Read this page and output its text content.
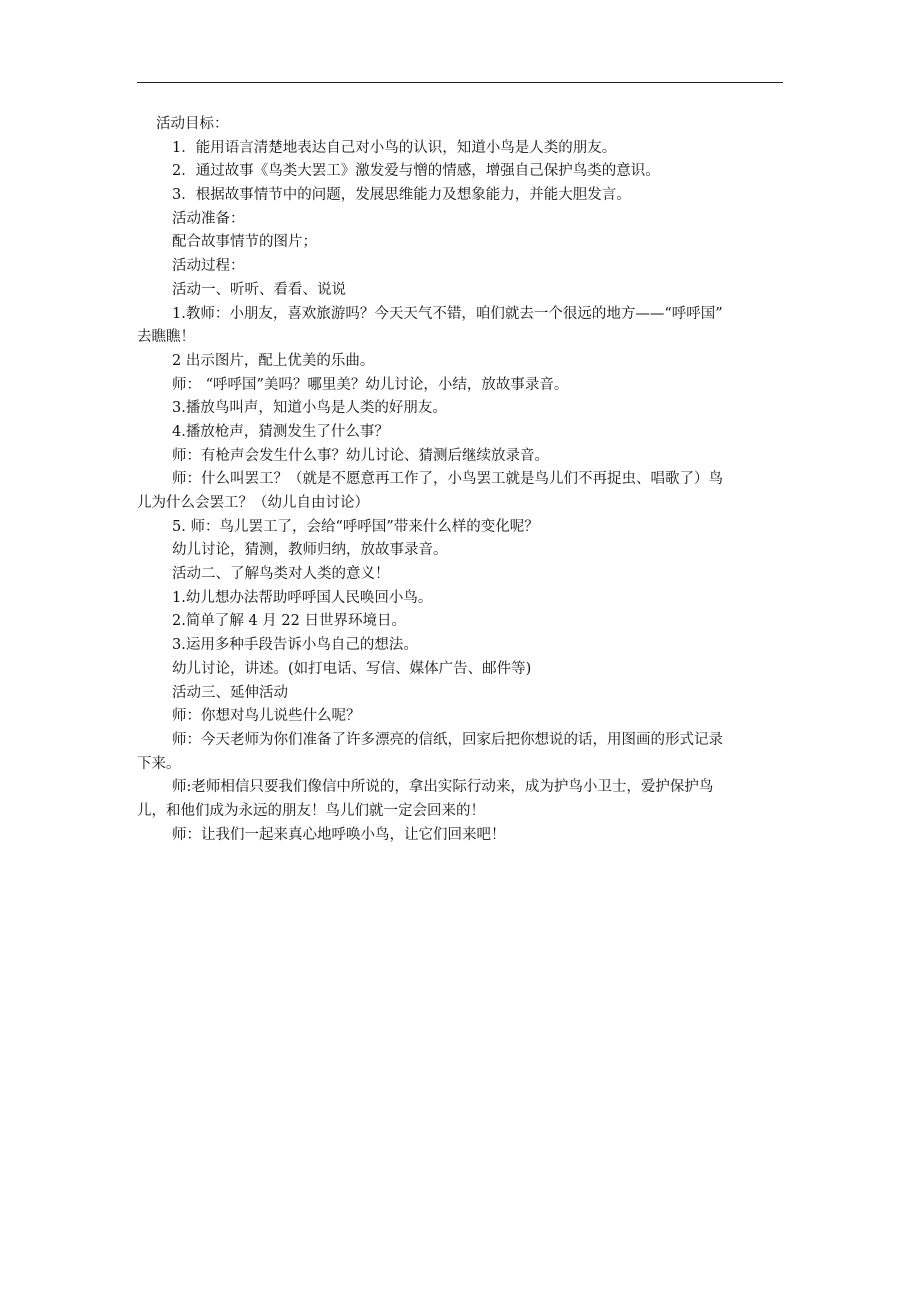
活动目标：
1．能用语言清楚地表达自己对小鸟的认识，知道小鸟是人类的朋友。
2．通过故事《鸟类大罢工》激发爱与憎的情感，增强自己保护鸟类的意识。
3．根据故事情节中的问题，发展思维能力及想象能力，并能大胆发言。
活动准备：
配合故事情节的图片；
活动过程：
活动一、听听、看看、说说
1.教师：小朋友，喜欢旅游吗？今天天气不错，咱们就去一个很远的地方——“呼呼国”
去瞧瞧！
2 出示图片，配上优美的乐曲。
师： “呼呼国”美吗？哪里美？幼儿讨论，小结，放故事录音。
3.播放鸟叫声，知道小鸟是人类的好朋友。
4.播放枪声，猜测发生了什么事？
师：有枪声会发生什么事？幼儿讨论、猜测后继续放录音。
师：什么叫罢工？（就是不愿意再工作了，小鸟罢工就是鸟儿们不再捉虫、唱歌了）鸟
儿为什么会罢工？（幼儿自由讨论）
5. 师：鸟儿罢工了，会给“呼呼国”带来什么样的变化呢？
幼儿讨论，猜测，教师归纳，放故事录音。
活动二、了解鸟类对人类的意义！
1.幼儿想办法帮助呼呼国人民唤回小鸟。
2.简单了解 4 月 22 日世界环境日。
3.运用多种手段告诉小鸟自己的想法。
幼儿讨论，讲述。(如打电话、写信、媒体广告、邮件等)
活动三、延伸活动
师：你想对鸟儿说些什么呢？
师：今天老师为你们准备了许多漂亮的信纸，回家后把你想说的话，用图画的形式记录
下来。
师:老师相信只要我们像信中所说的，拿出实际行动来，成为护鸟小卫士，爱护保护鸟
儿，和他们成为永远的朋友！鸟儿们就一定会回来的！
师：让我们一起来真心地呼唤小鸟，让它们回来吧！
